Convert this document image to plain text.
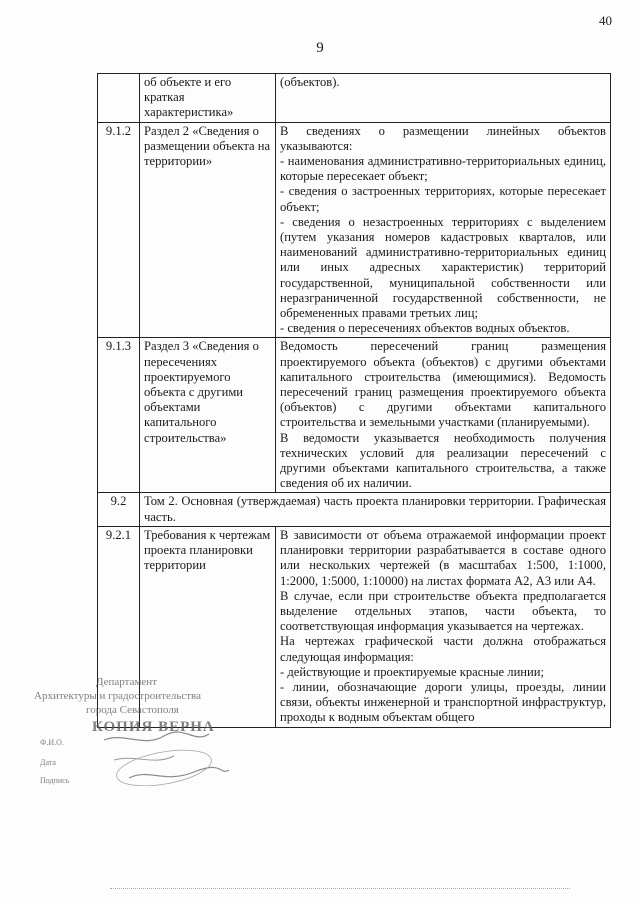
40
9
	об объекте и его краткая характеристика»	(объектов).

9.1.2	Раздел 2 «Сведения о размещении объекта на территории»	В сведениях о размещении линейных объектов указываются:

- наименования административно-территориальных единиц, которые пересекает объект;

- сведения о застроенных территориях, которые пересекает объект;

- сведения о незастроенных территориях с выделением (путем указания номеров кадастровых кварталов, или наименований административно-территориальных единиц или иных адресных характеристик) территорий государственной, муниципальной собственности или неразграниченной государственной собственности, не обремененных правами третьих лиц;

- сведения о пересечениях объектов водных объектов.

9.1.3	Раздел 3 «Сведения о пересечениях проектируемого объекта с другими объектами капитального строительства»	Ведомость пересечений границ размещения проектируемого объекта (объектов) с другими объектами капитального строительства (имеющимися). Ведомость пересечений границ размещения проектируемого объекта (объектов) с другими объектами капитального строительства и земельными участками (планируемыми).

В ведомости указывается необходимость получения технических условий для реализации пересечений с другими объектами капитального строительства, а также сведения об их наличии.

9.2	Том 2. Основная (утверждаемая) часть проекта планировки территории. Графическая часть.	
9.2.1	Требования к чертежам проекта планировки территории	В зависимости от объема отражаемой информации проект планировки территории разрабатывается в составе одного или нескольких чертежей (в масштабах 1:500, 1:1000, 1:2000, 1:5000, 1:10000) на листах формата А2, А3 или А4.

В случае, если при строительстве объекта предполагается выделение отдельных этапов, части объекта, то соответствующая информация указывается на чертежах.

На чертежах графической части должна отображаться следующая информация:

- действующие и проектируемые красные линии;

- линии, обозначающие дороги улицы, проезды, линии связи, объекты инженерной и транспортной инфраструктур, проходы к водным объектам общего

Департамент
Архитектуры и градостроительства
города Севастополя
КОПИЯ ВЕРНА
Ф.И.О.
Дата
Подпись
